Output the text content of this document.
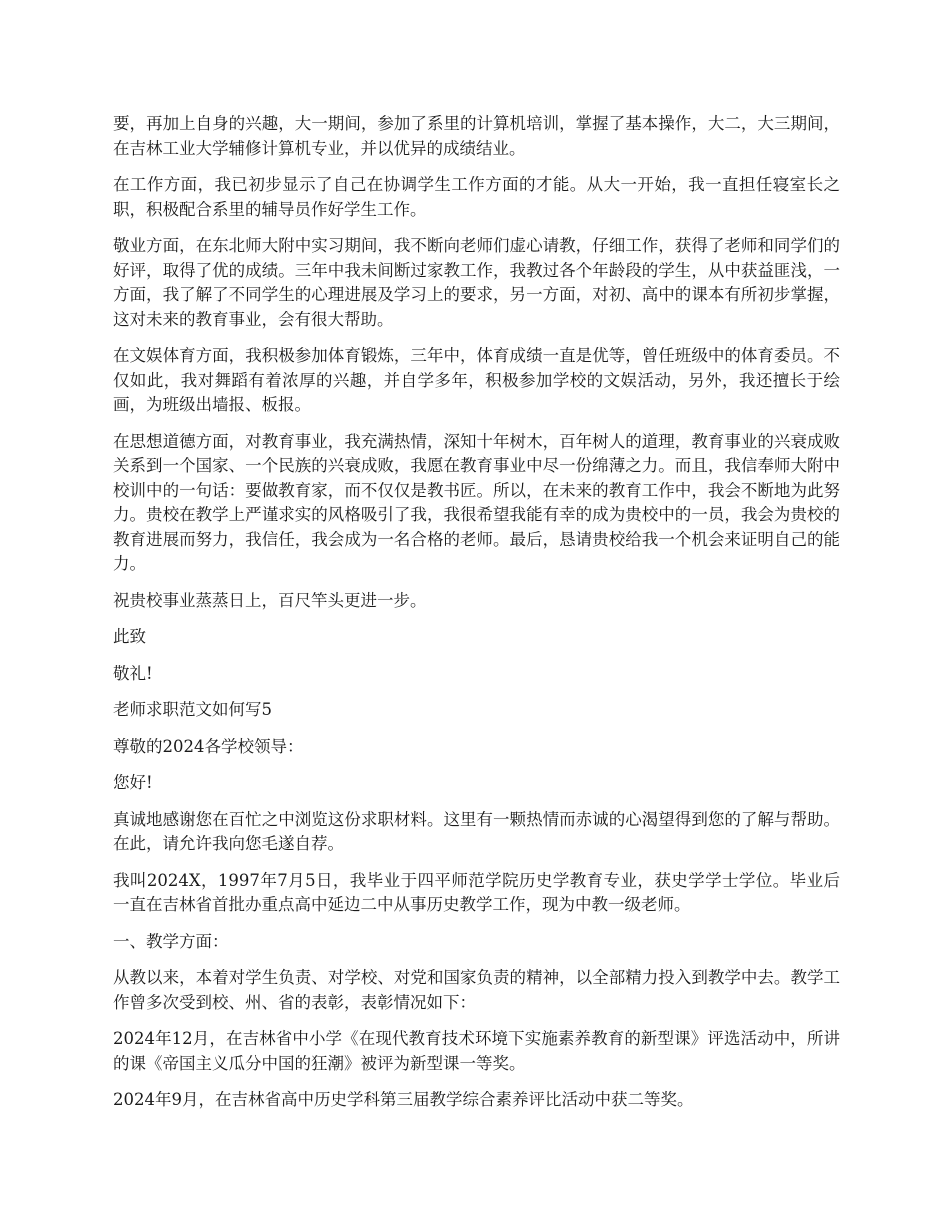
要，再加上自身的兴趣，大一期间，参加了系里的计算机培训，掌握了基本操作，大二，大三期间，在吉林工业大学辅修计算机专业，并以优异的成绩结业。

在工作方面，我已初步显示了自己在协调学生工作方面的才能。从大一开始，我一直担任寝室长之职，积极配合系里的辅导员作好学生工作。

敬业方面，在东北师大附中实习期间，我不断向老师们虚心请教，仔细工作，获得了老师和同学们的好评，取得了优的成绩。三年中我未间断过家教工作，我教过各个年龄段的学生，从中获益匪浅，一方面，我了解了不同学生的心理进展及学习上的要求，另一方面，对初、高中的课本有所初步掌握，这对未来的教育事业，会有很大帮助。

在文娱体育方面，我积极参加体育锻炼，三年中，体育成绩一直是优等，曾任班级中的体育委员。不仅如此，我对舞蹈有着浓厚的兴趣，并自学多年，积极参加学校的文娱活动，另外，我还擅长于绘画，为班级出墙报、板报。

在思想道德方面，对教育事业，我充满热情，深知十年树木，百年树人的道理，教育事业的兴衰成败关系到一个国家、一个民族的兴衰成败，我愿在教育事业中尽一份绵薄之力。而且，我信奉师大附中校训中的一句话：要做教育家，而不仅仅是教书匠。所以，在未来的教育工作中，我会不断地为此努力。贵校在教学上严谨求实的风格吸引了我，我很希望我能有幸的成为贵校中的一员，我会为贵校的教育进展而努力，我信任，我会成为一名合格的老师。最后，恳请贵校给我一个机会来证明自己的能力。

祝贵校事业蒸蒸日上，百尺竿头更进一步。

此致

敬礼!

老师求职范文如何写5

尊敬的2024各学校领导：

您好!

真诚地感谢您在百忙之中浏览这份求职材料。这里有一颗热情而赤诚的心渴望得到您的了解与帮助。在此，请允许我向您毛遂自荐。

我叫2024X，1997年7月5日，我毕业于四平师范学院历史学教育专业，获史学学士学位。毕业后一直在吉林省首批办重点高中延边二中从事历史教学工作，现为中教一级老师。

一、教学方面：

从教以来，本着对学生负责、对学校、对党和国家负责的精神，以全部精力投入到教学中去。教学工作曾多次受到校、州、省的表彰，表彰情况如下：

2024年12月，在吉林省中小学《在现代教育技术环境下实施素养教育的新型课》评选活动中，所讲的课《帝国主义瓜分中国的狂潮》被评为新型课一等奖。

2024年9月，在吉林省高中历史学科第三届教学综合素养评比活动中获二等奖。
